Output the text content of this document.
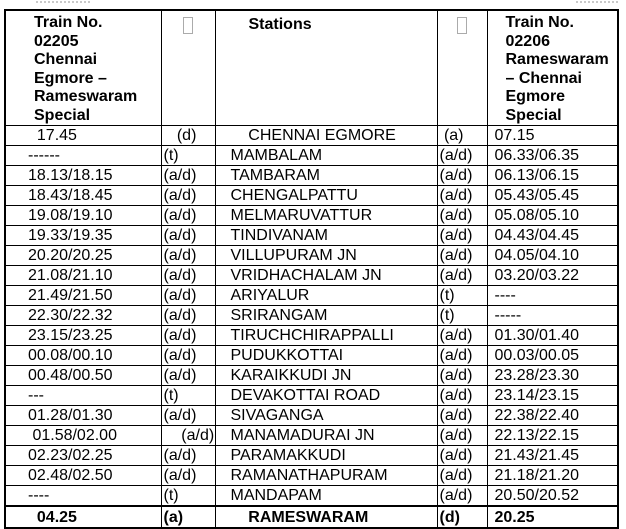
Train No. 02205 Chennai Egmore – Rameswaram Special		Stations		Train No. 02206 Rameswaram – Chennai Egmore Special
17.45	(d)	CHENNAI EGMORE	(a)	07.15
------	(t)	MAMBALAM	(a/d)	06.33/06.35
18.13/18.15	(a/d)	TAMBARAM	(a/d)	06.13/06.15
18.43/18.45	(a/d)	CHENGALPATTU	(a/d)	05.43/05.45
19.08/19.10	(a/d)	MELMARUVATTUR	(a/d)	05.08/05.10
19.33/19.35	(a/d)	TINDIVANAM	(a/d)	04.43/04.45
20.20/20.25	(a/d)	VILLUPURAM JN	(a/d)	04.05/04.10
21.08/21.10	(a/d)	VRIDHACHALAM JN	(a/d)	03.20/03.22
21.49/21.50	(a/d)	ARIYALUR	(t)	----
22.30/22.32	(a/d)	SRIRANGAM	(t)	-----
23.15/23.25	(a/d)	TIRUCHCHIRAPPALLI	(a/d)	01.30/01.40
00.08/00.10	(a/d)	PUDUKKOTTAI	(a/d)	00.03/00.05
00.48/00.50	(a/d)	KARAIKKUDI JN	(a/d)	23.28/23.30
---	(t)	DEVAKOTTAI ROAD	(a/d)	23.14/23.15
01.28/01.30	(a/d)	SIVAGANGA	(a/d)	22.38/22.40
01.58/02.00	(a/d)	MANAMADURAI JN	(a/d)	22.13/22.15
02.23/02.25	(a/d)	PARAMAKKUDI	(a/d)	21.43/21.45
02.48/02.50	(a/d)	RAMANATHAPURAM	(a/d)	21.18/21.20
----	(t)	MANDAPAM	(a/d)	20.50/20.52
04.25	(a)	RAMESWARAM	(d)	20.25
